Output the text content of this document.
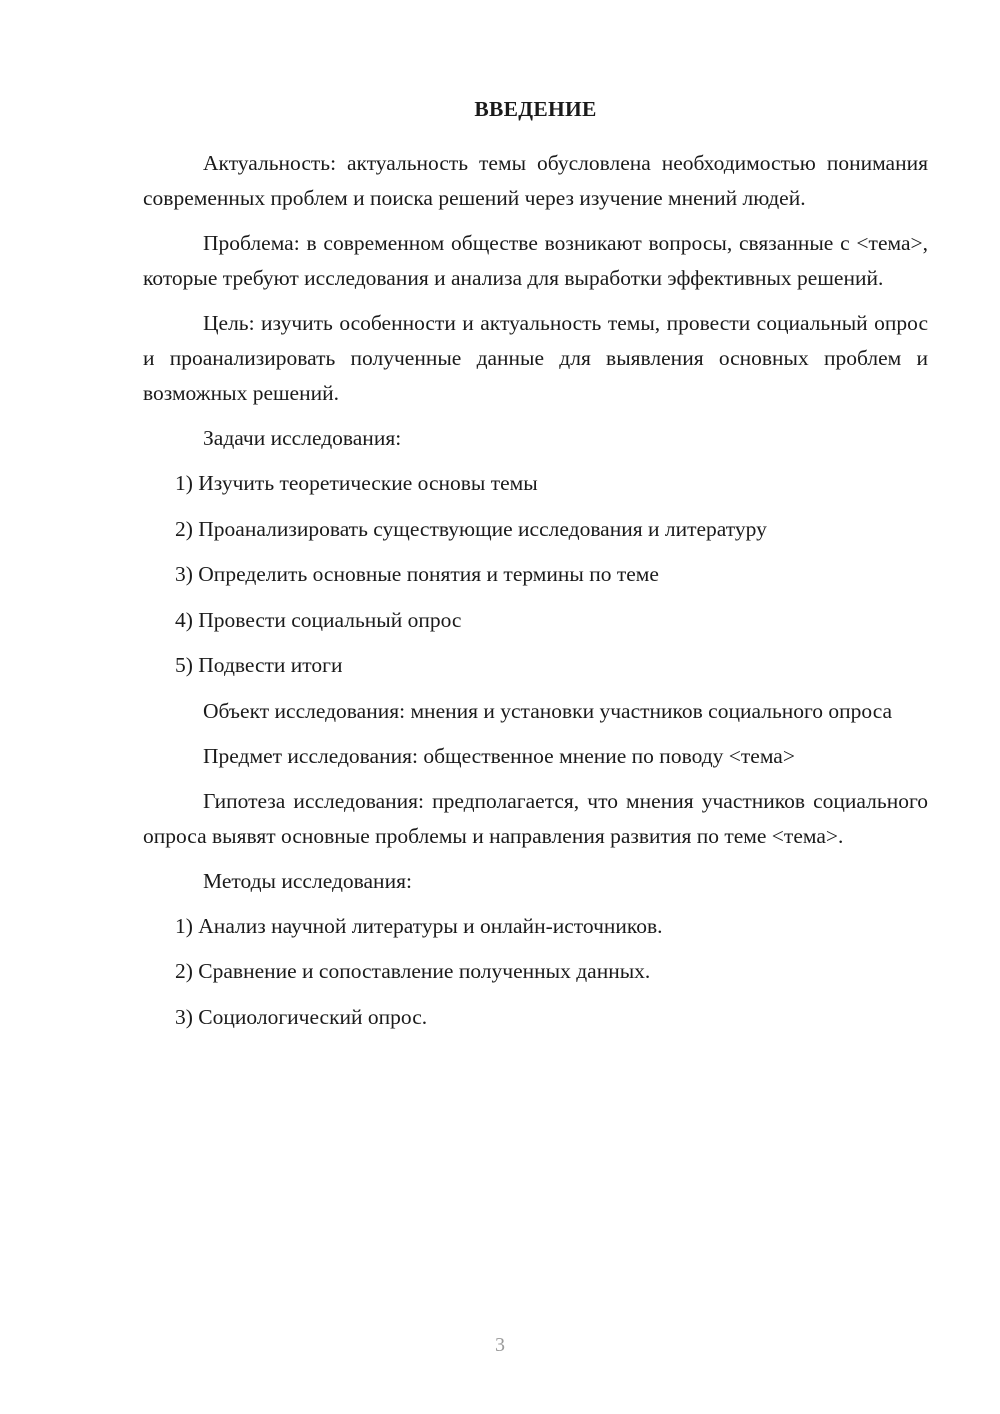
ВВЕДЕНИЕ

Актуальность: актуальность темы обусловлена необходимостью понимания современных проблем и поиска решений через изучение мнений людей.

Проблема: в современном обществе возникают вопросы, связанные с <тема>, которые требуют исследования и анализа для выработки эффективных решений.

Цель: изучить особенности и актуальность темы, провести социальный опрос и проанализировать полученные данные для выявления основных проблем и возможных решений.

Задачи исследования:

1) Изучить теоретические основы темы
2) Проанализировать существующие исследования и литературу
3) Определить основные понятия и термины по теме
4) Провести социальный опрос
5) Подвести итоги

Объект исследования: мнения и установки участников социального опроса

Предмет исследования: общественное мнение по поводу <тема>

Гипотеза исследования: предполагается, что мнения участников социального опроса выявят основные проблемы и направления развития по теме <тема>.

Методы исследования:

1) Анализ научной литературы и онлайн-источников.
2) Сравнение и сопоставление полученных данных.
3) Социологический опрос.
3
